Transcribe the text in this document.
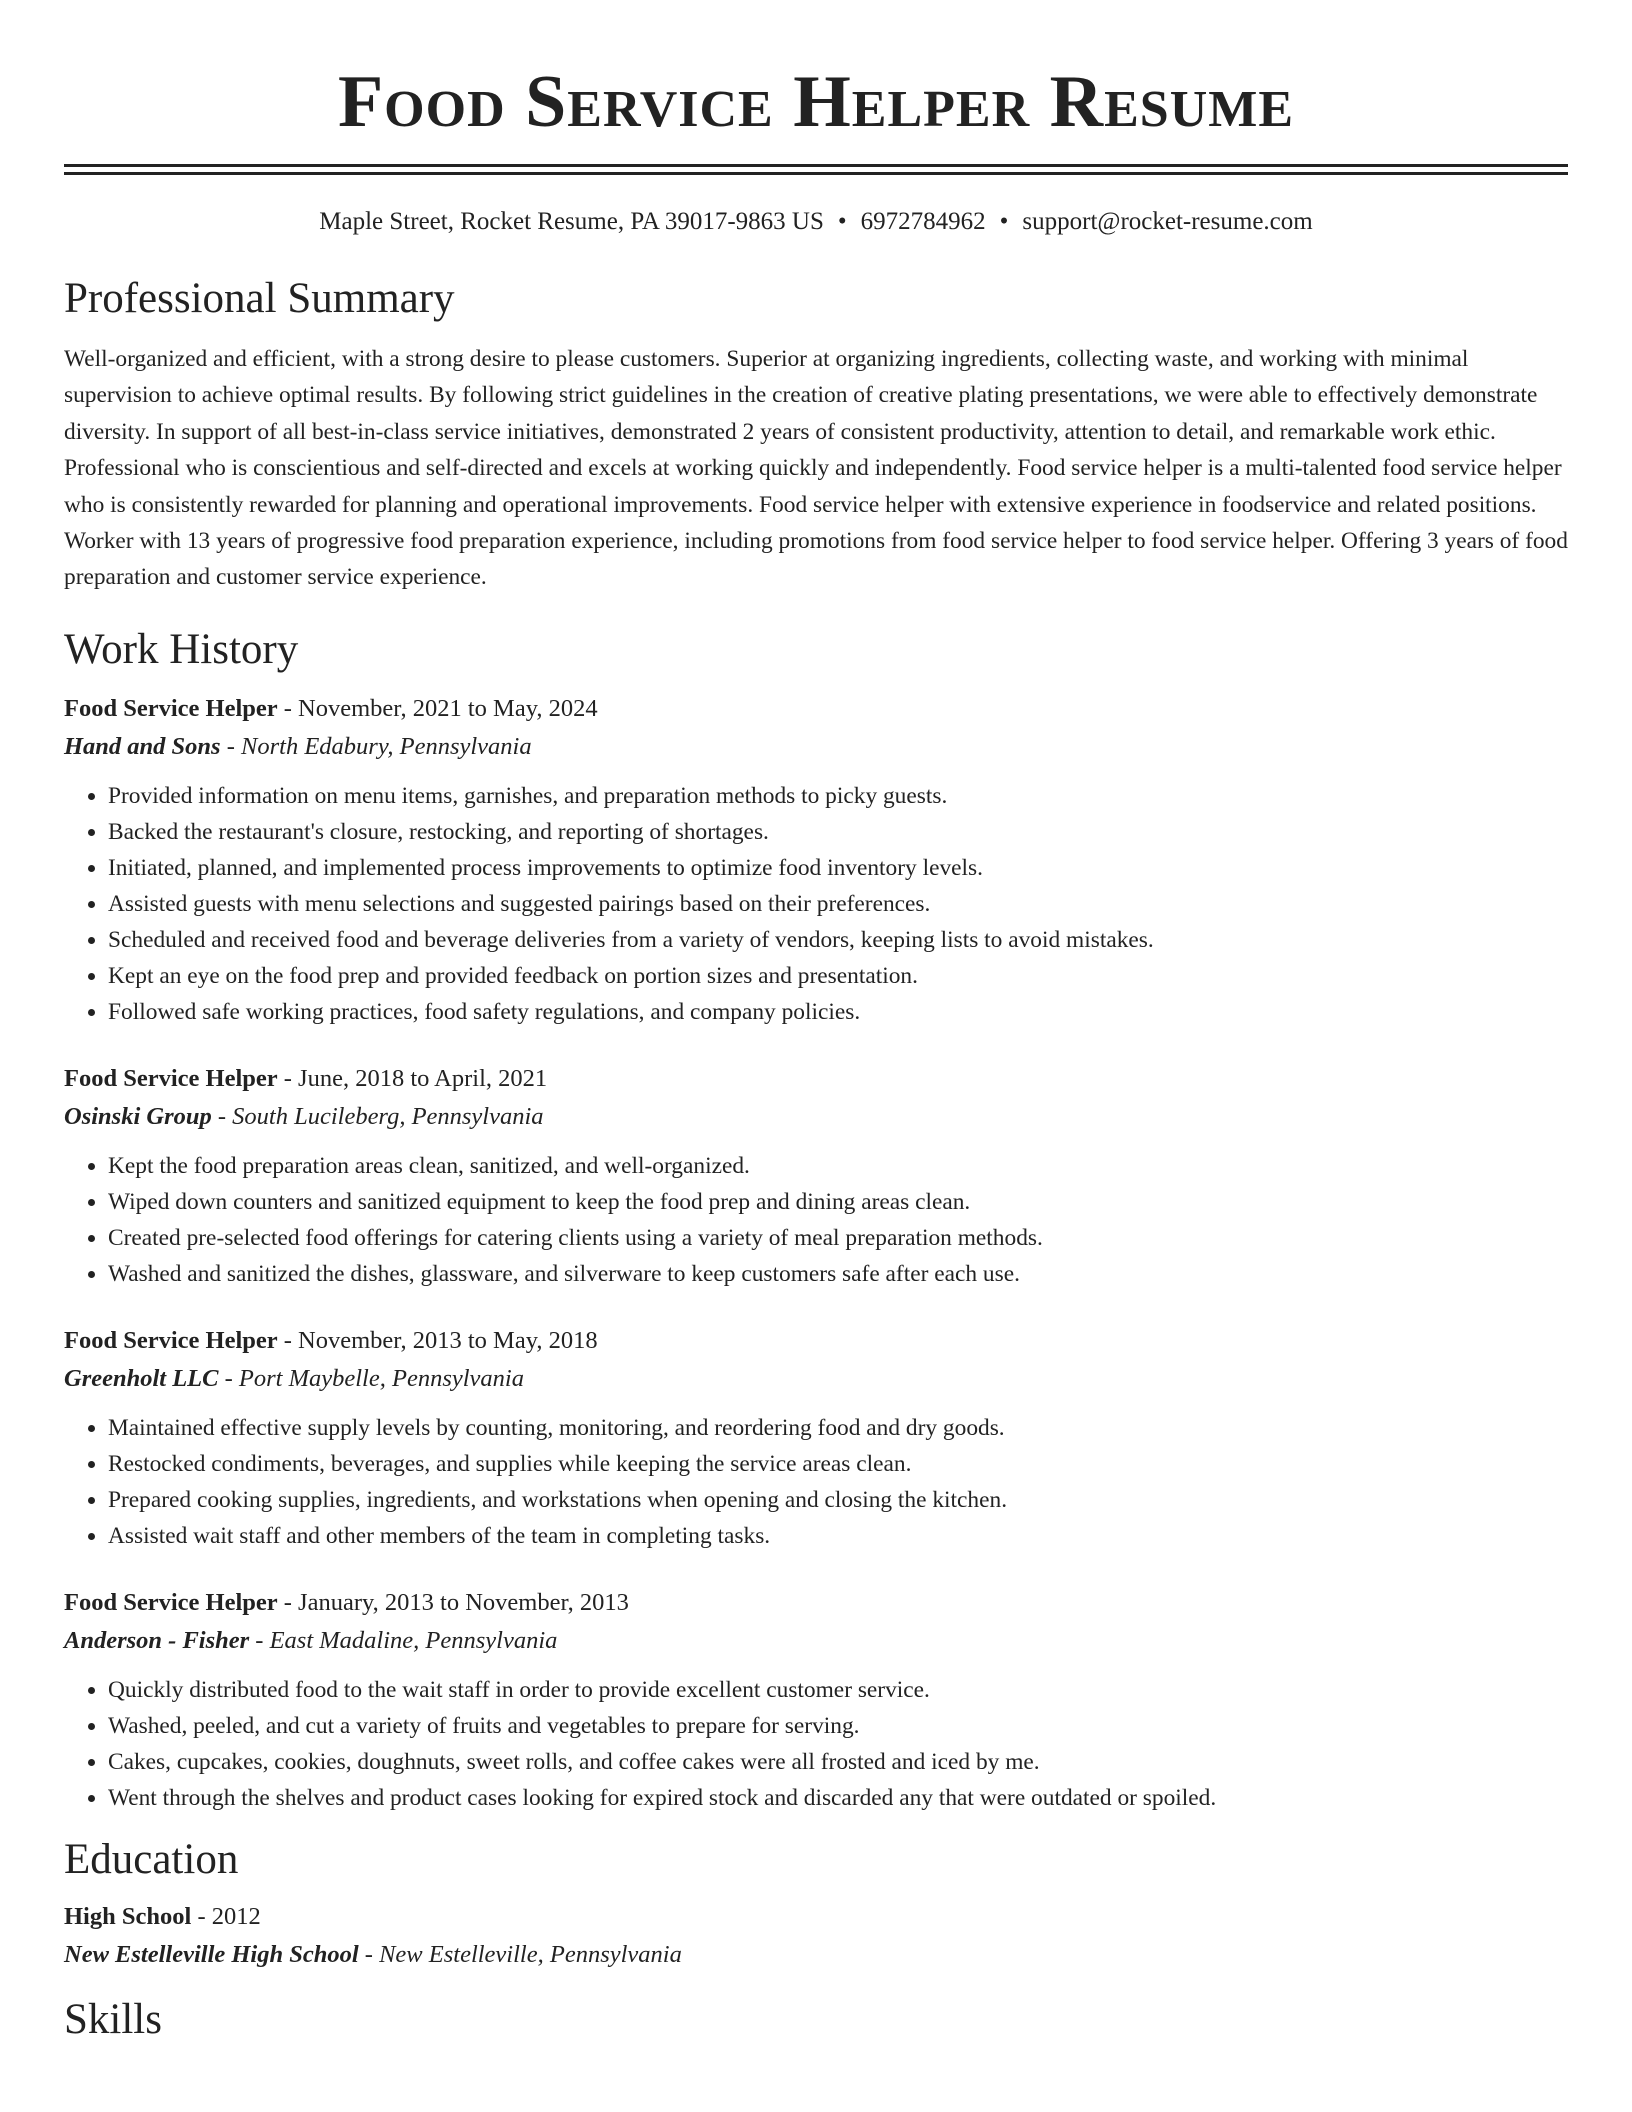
Food Service Helper Resume
Maple Street, Rocket Resume, PA 39017-9863 US • 6972784962 • support@rocket-resume.com
Professional Summary
Well-organized and efficient, with a strong desire to please customers. Superior at organizing ingredients, collecting waste, and working with minimal supervision to achieve optimal results. By following strict guidelines in the creation of creative plating presentations, we were able to effectively demonstrate diversity. In support of all best-in-class service initiatives, demonstrated 2 years of consistent productivity, attention to detail, and remarkable work ethic. Professional who is conscientious and self-directed and excels at working quickly and independently. Food service helper is a multi-talented food service helper who is consistently rewarded for planning and operational improvements. Food service helper with extensive experience in foodservice and related positions. Worker with 13 years of progressive food preparation experience, including promotions from food service helper to food service helper. Offering 3 years of food preparation and customer service experience.
Work History
Food Service Helper - November, 2021 to May, 2024
Hand and Sons - North Edabury, Pennsylvania
• Provided information on menu items, garnishes, and preparation methods to picky guests.
• Backed the restaurant's closure, restocking, and reporting of shortages.
• Initiated, planned, and implemented process improvements to optimize food inventory levels.
• Assisted guests with menu selections and suggested pairings based on their preferences.
• Scheduled and received food and beverage deliveries from a variety of vendors, keeping lists to avoid mistakes.
• Kept an eye on the food prep and provided feedback on portion sizes and presentation.
• Followed safe working practices, food safety regulations, and company policies.
Food Service Helper - June, 2018 to April, 2021
Osinski Group - South Lucileberg, Pennsylvania
• Kept the food preparation areas clean, sanitized, and well-organized.
• Wiped down counters and sanitized equipment to keep the food prep and dining areas clean.
• Created pre-selected food offerings for catering clients using a variety of meal preparation methods.
• Washed and sanitized the dishes, glassware, and silverware to keep customers safe after each use.
Food Service Helper - November, 2013 to May, 2018
Greenholt LLC - Port Maybelle, Pennsylvania
• Maintained effective supply levels by counting, monitoring, and reordering food and dry goods.
• Restocked condiments, beverages, and supplies while keeping the service areas clean.
• Prepared cooking supplies, ingredients, and workstations when opening and closing the kitchen.
• Assisted wait staff and other members of the team in completing tasks.
Food Service Helper - January, 2013 to November, 2013
Anderson - Fisher - East Madaline, Pennsylvania
• Quickly distributed food to the wait staff in order to provide excellent customer service.
• Washed, peeled, and cut a variety of fruits and vegetables to prepare for serving.
• Cakes, cupcakes, cookies, doughnuts, sweet rolls, and coffee cakes were all frosted and iced by me.
• Went through the shelves and product cases looking for expired stock and discarded any that were outdated or spoiled.
Education
High School - 2012
New Estelleville High School - New Estelleville, Pennsylvania
Skills
